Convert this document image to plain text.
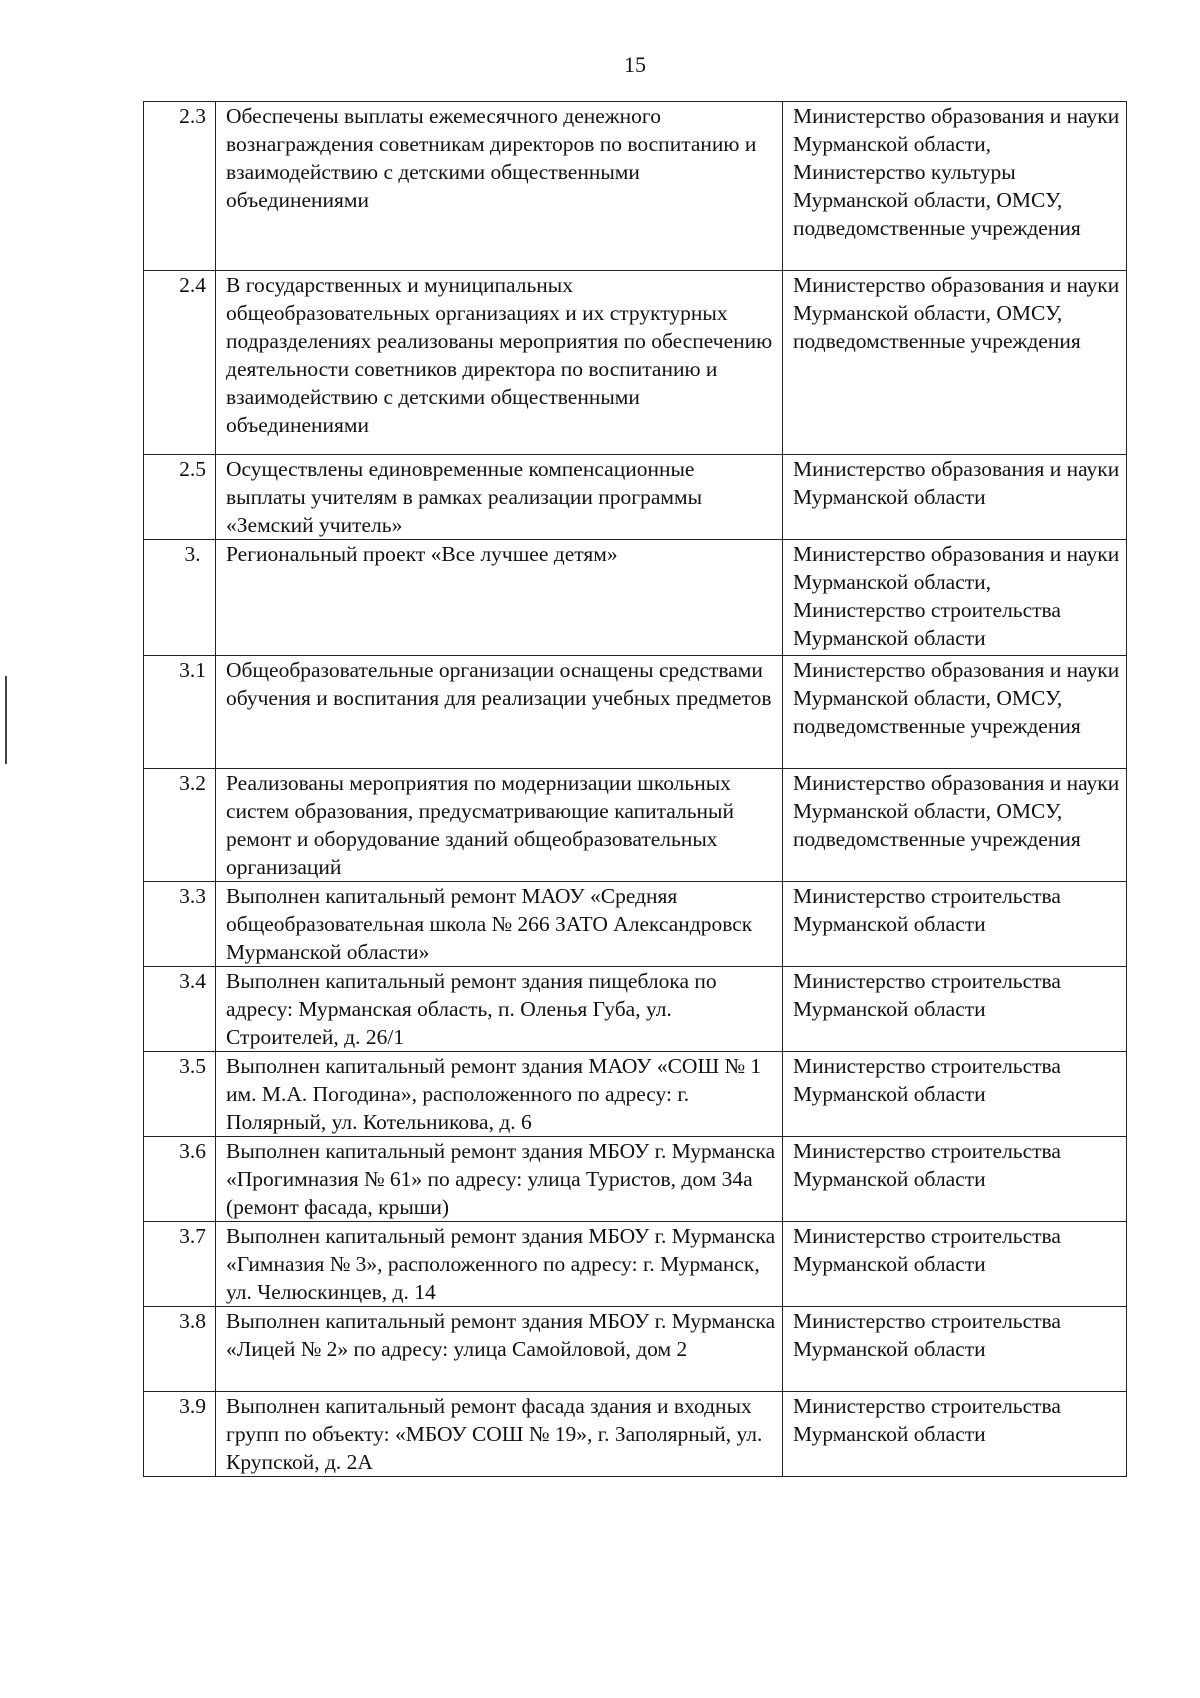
15
2.3	Обеспечены выплаты ежемесячного денежного вознаграждения советникам директоров по воспитанию и взаимодействию с детскими общественными объединениями	Министерство образования и науки Мурманской области, Министерство культуры Мурманской области, ОМСУ, подведомственные учреждения
2.4	В государственных и муниципальных общеобразовательных организациях и их структурных подразделениях реализованы мероприятия по обеспечению деятельности советников директора по воспитанию и взаимодействию с детскими общественными объединениями	Министерство образования и науки Мурманской области, ОМСУ, подведомственные учреждения
2.5	Осуществлены единовременные компенсационные выплаты учителям в рамках реализации программы «Земский учитель»	Министерство образования и науки Мурманской области
3.	Региональный проект «Все лучшее детям»	Министерство образования и науки Мурманской области, Министерство строительства Мурманской области
3.1	Общеобразовательные организации оснащены средствами обучения и воспитания для реализации учебных предметов	Министерство образования и науки Мурманской области, ОМСУ, подведомственные учреждения
3.2	Реализованы мероприятия по модернизации школьных систем образования, предусматривающие капитальный ремонт и оборудование зданий общеобразовательных организаций	Министерство образования и науки Мурманской области, ОМСУ, подведомственные учреждения
3.3	Выполнен капитальный ремонт МАОУ «Средняя общеобразовательная школа № 266 ЗАТО Александровск Мурманской области»	Министерство строительства Мурманской области
3.4	Выполнен капитальный ремонт здания пищеблока по адресу: Мурманская область, п. Оленья Губа, ул. Строителей, д. 26/1	Министерство строительства Мурманской области
3.5	Выполнен капитальный ремонт здания МАОУ «СОШ № 1 им. М.А. Погодина», расположенного по адресу: г. Полярный, ул. Котельникова, д. 6	Министерство строительства Мурманской области
3.6	Выполнен капитальный ремонт здания МБОУ г. Мурманска «Прогимназия № 61» по адресу: улица Туристов, дом 34а (ремонт фасада, крыши)	Министерство строительства Мурманской области
3.7	Выполнен капитальный ремонт здания МБОУ г. Мурманска «Гимназия № 3», расположенного по адресу: г. Мурманск, ул. Челюскинцев, д. 14	Министерство строительства Мурманской области
3.8	Выполнен капитальный ремонт здания МБОУ г. Мурманска «Лицей № 2» по адресу: улица Самойловой, дом 2	Министерство строительства Мурманской области
3.9	Выполнен капитальный ремонт фасада здания и входных групп по объекту: «МБОУ СОШ № 19», г. Заполярный, ул. Крупской, д. 2А	Министерство строительства Мурманской области
